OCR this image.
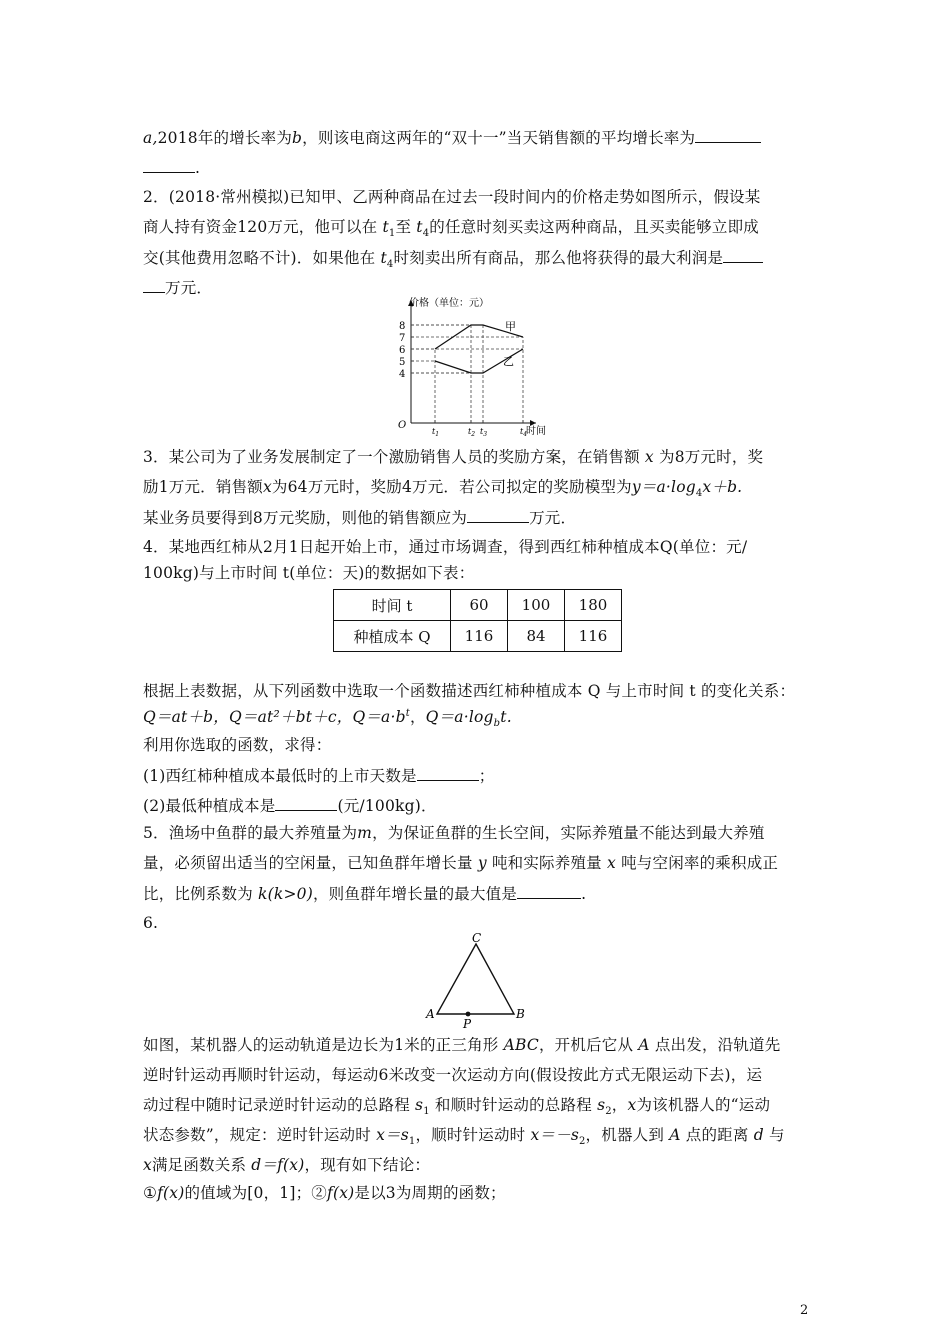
a,2018年的增长率为b，则该电商这两年的“双十一”当天销售额的平均增长率为
.
2．(2018·常州模拟)已知甲、乙两种商品在过去一段时间内的价格走势如图所示，假设某
商人持有资金120万元，他可以在 $t_1$至 $t_4$的任意时刻买卖这两种商品，且买卖能够立即成
交(其他费用忽略不计)．如果他在 $t_4$时刻卖出所有商品，那么他将获得的最大利润是
万元．
价格（单位：元）
时间
O
4
5
6
7
8
$t_1$	$t_2$ $t_3$	$t_4$
甲
乙
3．某公司为了业务发展制定了一个激励销售人员的奖励方案，在销售额 x 为8万元时，奖
励1万元．销售额x为64万元时，奖励4万元．若公司拟定的奖励模型为$y=a\cdot\log_4x+b$.
某业务员要得到8万元奖励，则他的销售额应为	万元．
4．某地西红柿从2月1日起开始上市，通过市场调查，得到西红柿种植成本Q(单位：元/
100kg)与上市时间 t(单位：天)的数据如下表：
时间 t	60	100	180
种植成本 Q	116	84	116
根据上表数据，从下列函数中选取一个函数描述西红柿种植成本 Q 与上市时间 t 的变化关系：
Q＝at＋b，Q＝at²＋bt＋c，$Q=a\cdot b^t$，$Q=a\cdot\log_bt$.
利用你选取的函数，求得：
(1)西红柿种植成本最低时的上市天数是	；
(2)最低种植成本是	(元/100kg)．
5．渔场中鱼群的最大养殖量为m，为保证鱼群的生长空间，实际养殖量不能达到最大养殖
量，必须留出适当的空闲量，已知鱼群年增长量 y 吨和实际养殖量 x 吨与空闲率的乘积成正
比，比例系数为 k(k>0)，则鱼群年增长量的最大值是	.
6.
C
A	B
P
如图，某机器人的运动轨道是边长为1米的正三角形 ABC，开机后它从 A 点出发，沿轨道先
逆时针运动再顺时针运动，每运动6米改变一次运动方向(假设按此方式无限运动下去)，运
动过程中随时记录逆时针运动的总路程 $s_1$ 和顺时针运动的总路程 $s_2$，x为该机器人的“运动
状态参数”，规定：逆时针运动时 $x=s_1$，顺时针运动时 $x=-s_2$，机器人到 A 点的距离 d 与
x满足函数关系 d＝f(x)，现有如下结论：
①f(x)的值域为[0，1]；②f(x)是以3为周期的函数；
2
